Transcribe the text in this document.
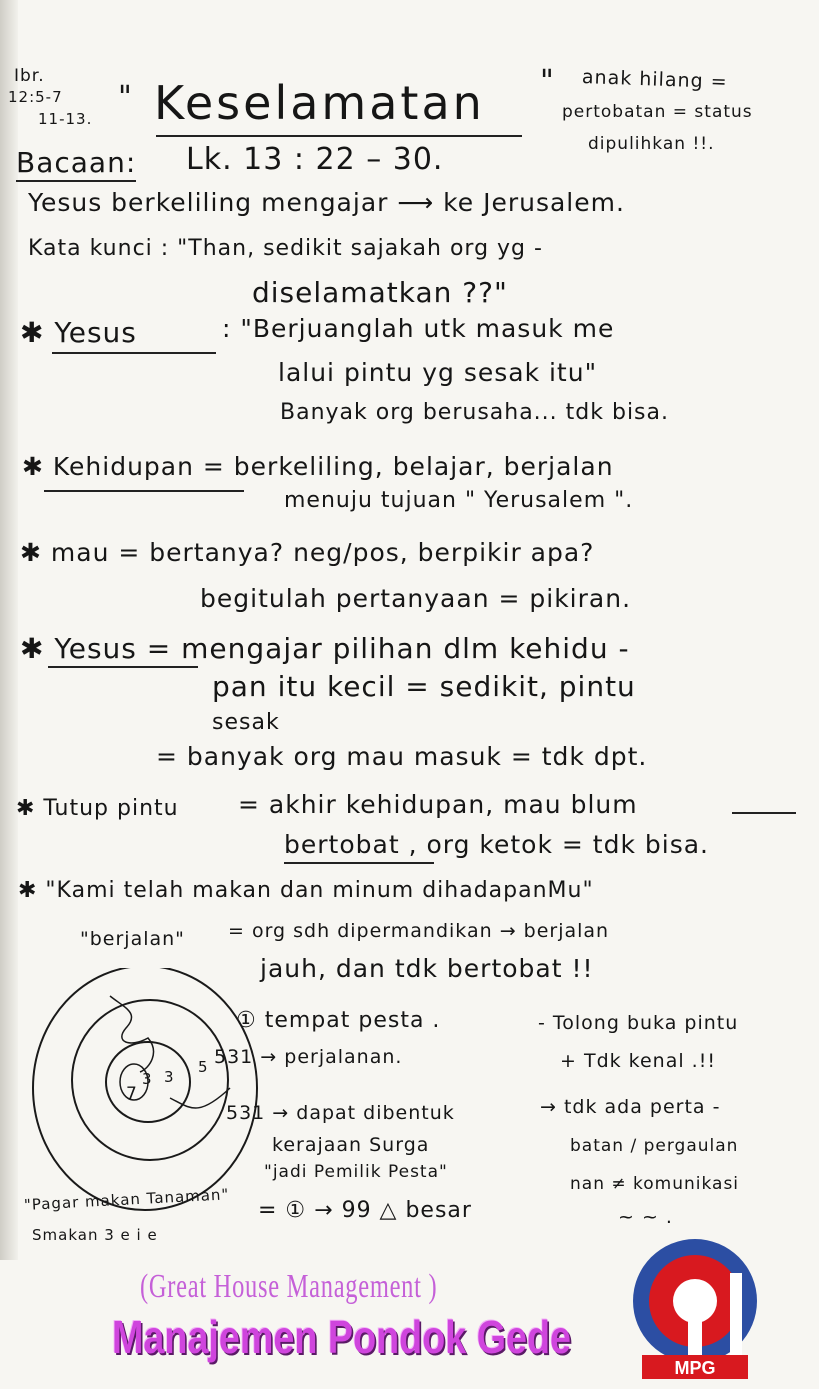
Ibr.
12:5-7
11-13.
" Keselamatan " anak hilang =
pertobatan = status
dipulihkan !!.
Bacaan: Lk. 13 : 22 – 30.
Yesus berkeliling mengajar ⟶ ke Jerusalem.
Kata kunci : "Than, sedikit sajakah org yg -
diselamatkan ??"
✱ Yesus	: "Berjuanglah utk masuk me
lalui pintu yg sesak itu"
Banyak org berusaha... tdk bisa.
✱ Kehidupan = berkeliling, belajar, berjalan
menuju tujuan " Yerusalem ".
✱ mau = bertanya? neg/pos, berpikir apa?
begitulah pertanyaan = pikiran.
✱ Yesus = mengajar pilihan dlm kehidu -
pan itu kecil = sedikit, pintu
sesak
= banyak org mau masuk = tdk dpt.
✱ Tutup pintu = akhir kehidupan, mau blum
bertobat , org ketok = tdk bisa.
✱ "Kami telah makan dan minum dihadapanMu"
"berjalan" = org sdh dipermandikan → berjalan
jauh, dan tdk bertobat !!
3 3
5
7
① tempat pesta .
531 → perjalanan.
531 → dapat dibentuk
kerajaan Surga
"jadi Pemilik Pesta"
= ① → 99 △ besar
- Tolong buka pintu
+ Tdk kenal .!!
→ tdk ada perta -
batan ∕ pergaulan
nan ≠ komunikasi
~ ~ .
"Pagar makan Tanaman"
Smakan 3 e i e
(Great House Management )
Manajemen Pondok Gede
MPG
